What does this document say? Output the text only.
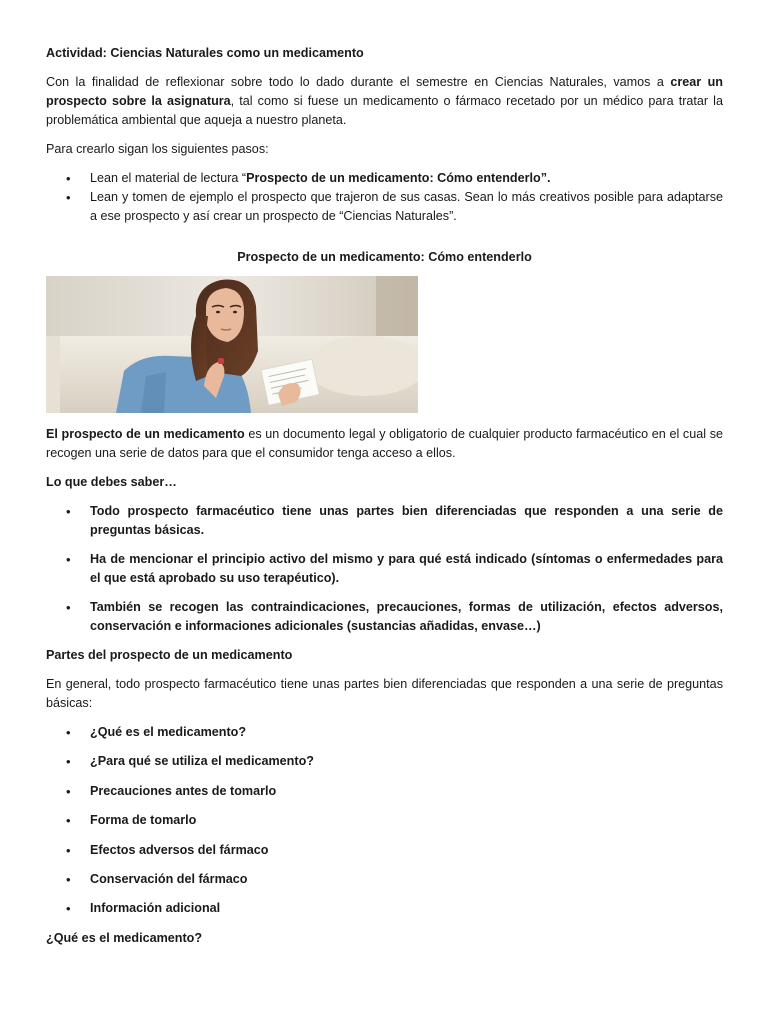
Actividad: Ciencias Naturales como un medicamento

Con la finalidad de reflexionar sobre todo lo dado durante el semestre en Ciencias Naturales, vamos a crear un prospecto sobre la asignatura, tal como si fuese un medicamento o fármaco recetado por un médico para tratar la problemática ambiental que aqueja a nuestro planeta.

Para crearlo sigan los siguientes pasos:

• Lean el material de lectura “Prospecto de un medicamento: Cómo entenderlo”.
• Lean y tomen de ejemplo el prospecto que trajeron de sus casas. Sean lo más creativos posible para adaptarse a ese prospecto y así crear un prospecto de “Ciencias Naturales”.

Prospecto de un medicamento: Cómo entenderlo

El prospecto de un medicamento es un documento legal y obligatorio de cualquier producto farmacéutico en el cual se recogen una serie de datos para que el consumidor tenga acceso a ellos.

Lo que debes saber…

• Todo prospecto farmacéutico tiene unas partes bien diferenciadas que responden a una serie de preguntas básicas.
• Ha de mencionar el principio activo del mismo y para qué está indicado (síntomas o enfermedades para el que está aprobado su uso terapéutico).
• También se recogen las contraindicaciones, precauciones, formas de utilización, efectos adversos, conservación e informaciones adicionales (sustancias añadidas, envase…)

Partes del prospecto de un medicamento

En general, todo prospecto farmacéutico tiene unas partes bien diferenciadas que responden a una serie de preguntas básicas:

• ¿Qué es el medicamento?
• ¿Para qué se utiliza el medicamento?
• Precauciones antes de tomarlo
• Forma de tomarlo
• Efectos adversos del fármaco
• Conservación del fármaco
• Información adicional

¿Qué es el medicamento?
